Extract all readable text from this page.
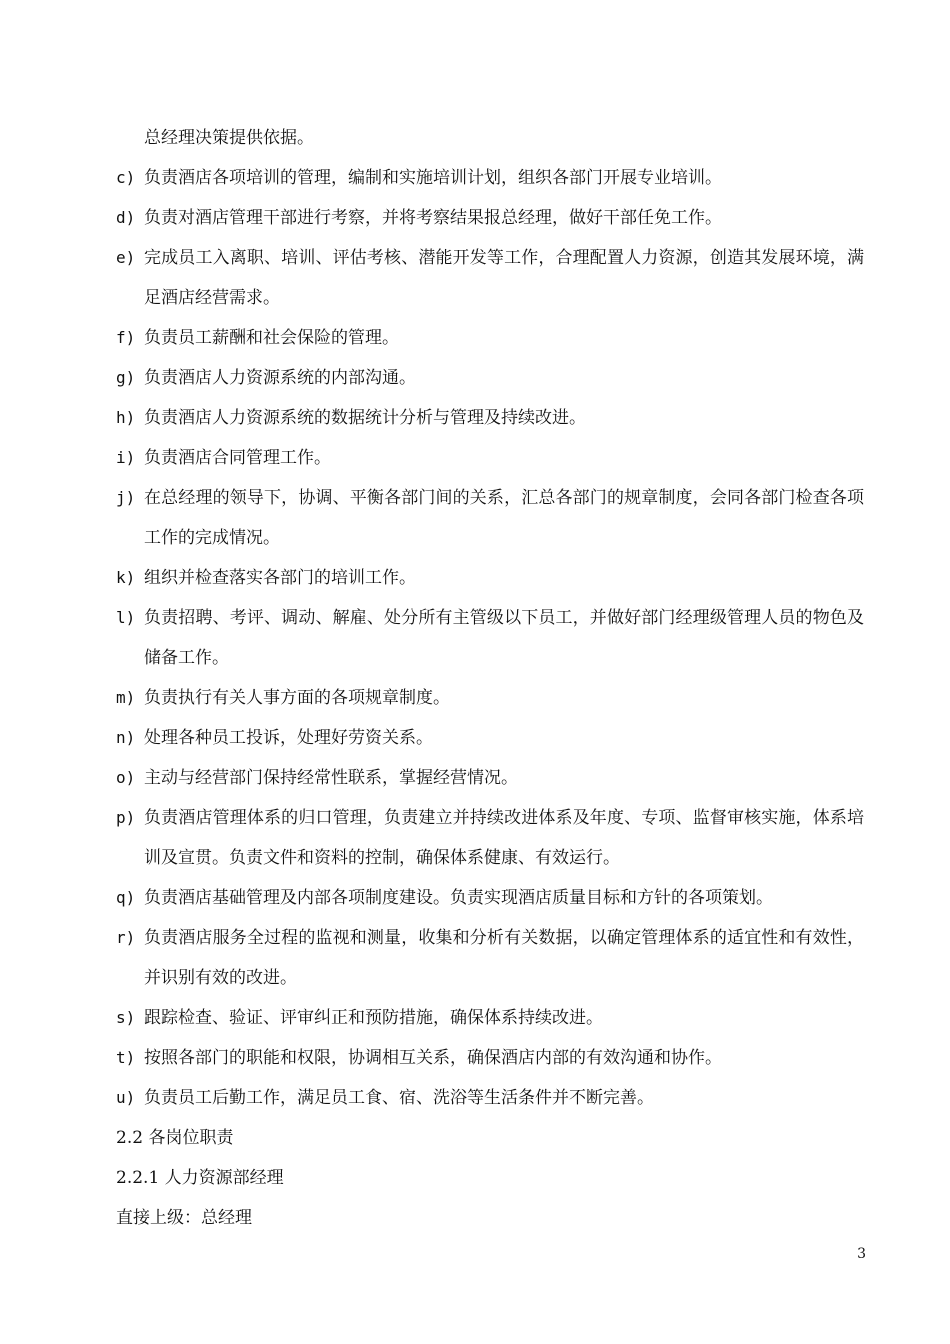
总经理决策提供依据。
c) 负责酒店各项培训的管理，编制和实施培训计划，组织各部门开展专业培训。
d) 负责对酒店管理干部进行考察，并将考察结果报总经理，做好干部任免工作。
e) 完成员工入离职、培训、评估考核、潜能开发等工作，合理配置人力资源，创造其发展环境，满足酒店经营需求。
f) 负责员工薪酬和社会保险的管理。
g) 负责酒店人力资源系统的内部沟通。
h) 负责酒店人力资源系统的数据统计分析与管理及持续改进。
i) 负责酒店合同管理工作。
j) 在总经理的领导下，协调、平衡各部门间的关系，汇总各部门的规章制度，会同各部门检查各项工作的完成情况。
k) 组织并检查落实各部门的培训工作。
l) 负责招聘、考评、调动、解雇、处分所有主管级以下员工，并做好部门经理级管理人员的物色及储备工作。
m) 负责执行有关人事方面的各项规章制度。
n) 处理各种员工投诉，处理好劳资关系。
o) 主动与经营部门保持经常性联系，掌握经营情况。
p) 负责酒店管理体系的归口管理，负责建立并持续改进体系及年度、专项、监督审核实施，体系培训及宣贯。负责文件和资料的控制，确保体系健康、有效运行。
q) 负责酒店基础管理及内部各项制度建设。负责实现酒店质量目标和方针的各项策划。
r) 负责酒店服务全过程的监视和测量，收集和分析有关数据，以确定管理体系的适宜性和有效性，并识别有效的改进。
s) 跟踪检查、验证、评审纠正和预防措施，确保体系持续改进。
t) 按照各部门的职能和权限，协调相互关系，确保酒店内部的有效沟通和协作。
u) 负责员工后勤工作，满足员工食、宿、洗浴等生活条件并不断完善。
2.2 各岗位职责
2.2.1 人力资源部经理
直接上级：总经理
3
